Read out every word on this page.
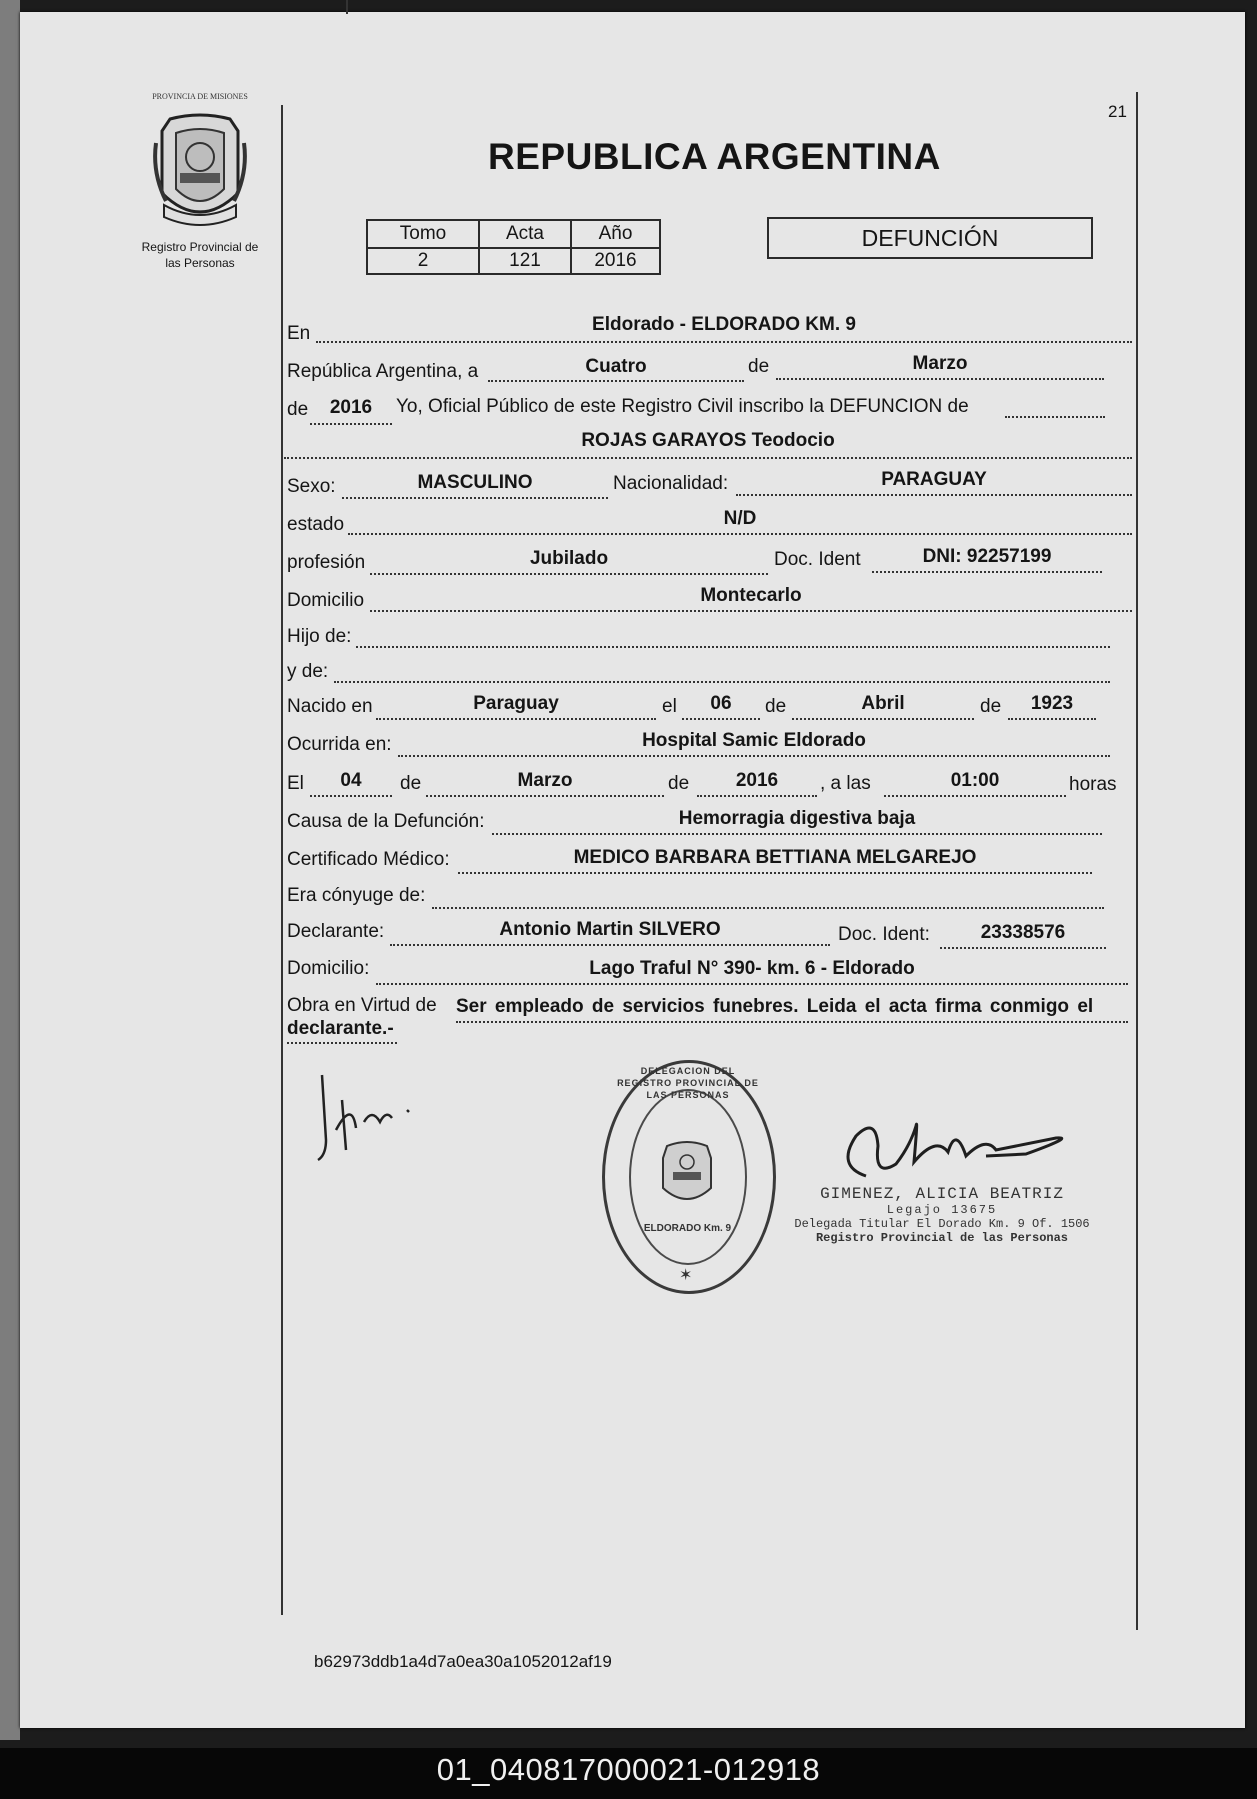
21
PROVINCIA DE MISIONES
Registro Provincial de
las Personas
REPUBLICA ARGENTINA
Tomo	Acta	Año
2	121	2016
DEFUNCIÓN
En	Eldorado - ELDORADO KM. 9
República Argentina, a	Cuatro	de	Marzo
de	2016	Yo, Oficial Público de este Registro Civil inscribo la DEFUNCION de
ROJAS GARAYOS Teodocio
Sexo:	MASCULINO	Nacionalidad:	PARAGUAY
estado	N/D
profesión	Jubilado	Doc. Ident	DNI: 92257199
Domicilio	Montecarlo
Hijo de:
y de:
Nacido en	Paraguay	el	06	de	Abril	de	1923
Ocurrida en:	Hospital Samic Eldorado
El	04	de	Marzo	de	2016	, a las	01:00	horas
Causa de la Defunción:	Hemorragia digestiva baja
Certificado Médico:	MEDICO BARBARA BETTIANA MELGAREJO
Era cónyuge de:
Declarante:	Antonio Martin SILVERO	Doc. Ident:	23338576
Domicilio:	Lago Traful N° 390- km. 6 - Eldorado
Obra en Virtud de Ser empleado de servicios funebres. Leida el acta firma conmigo el
declarante.-
DELEGACION DEL REGISTRO PROVINCIAL DE LAS PERSONAS
ELDORADO Km. 9
✶
GIMENEZ, ALICIA BEATRIZ
Legajo 13675
Delegada Titular El Dorado Km. 9 Of. 1506
Registro Provincial de las Personas
b62973ddb1a4d7a0ea30a1052012af19
01_040817000021-012918
